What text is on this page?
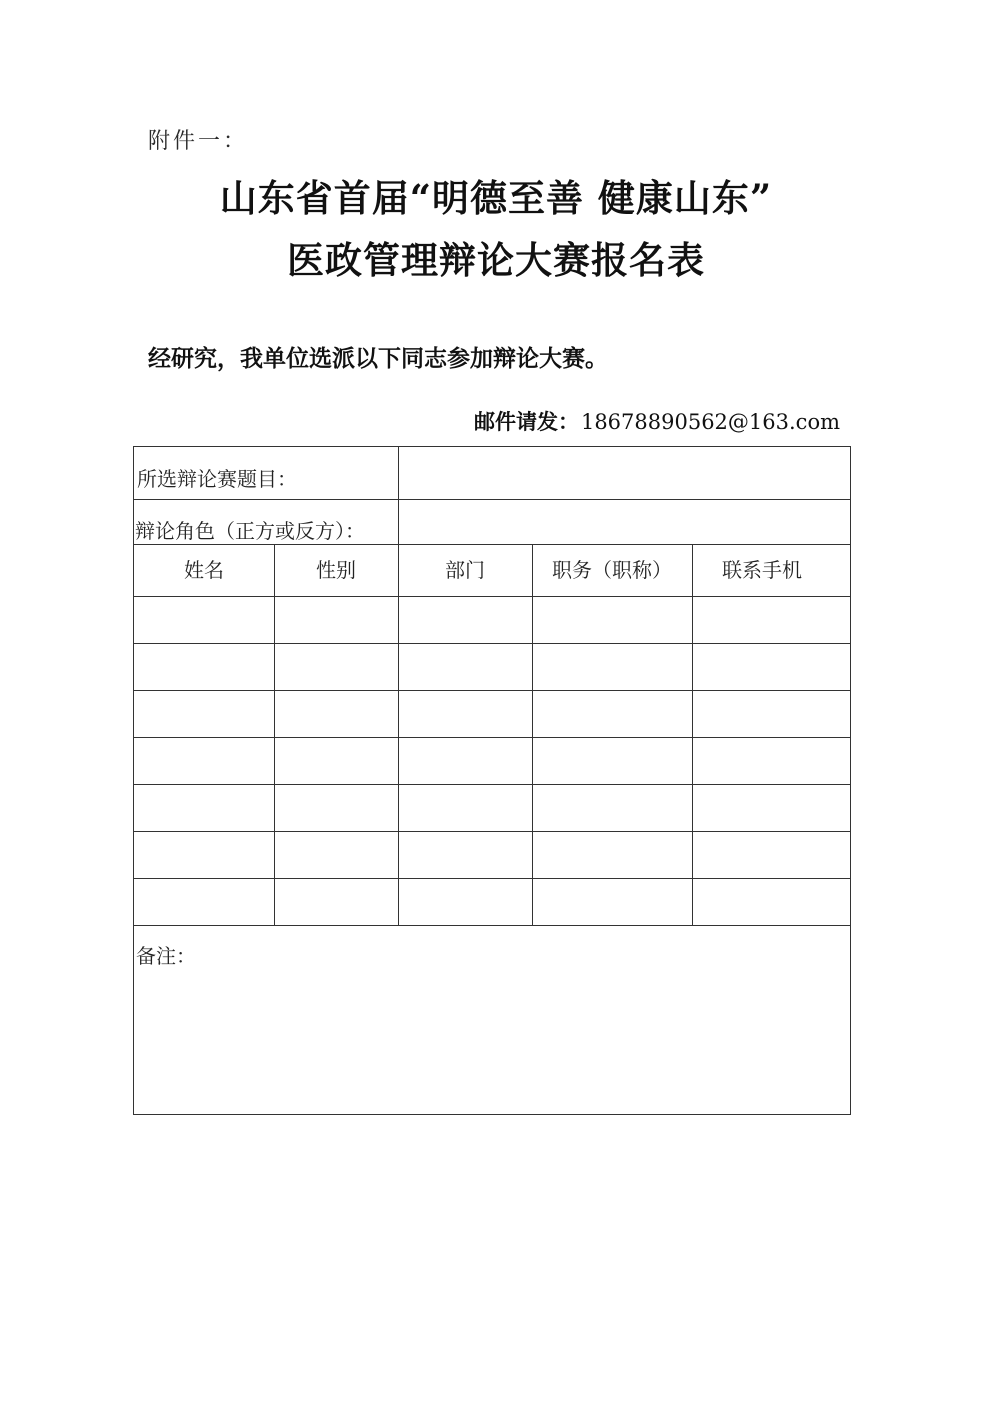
附件一：
山东省首届“明德至善 健康山东”
医政管理辩论大赛报名表
经研究，我单位选派以下同志参加辩论大赛。
邮件请发：18678890562@163.com
所选辩论赛题目：
辩论角色（正方或反方）：
姓名	性别	部门	职务（职称）	联系手机
备注：
